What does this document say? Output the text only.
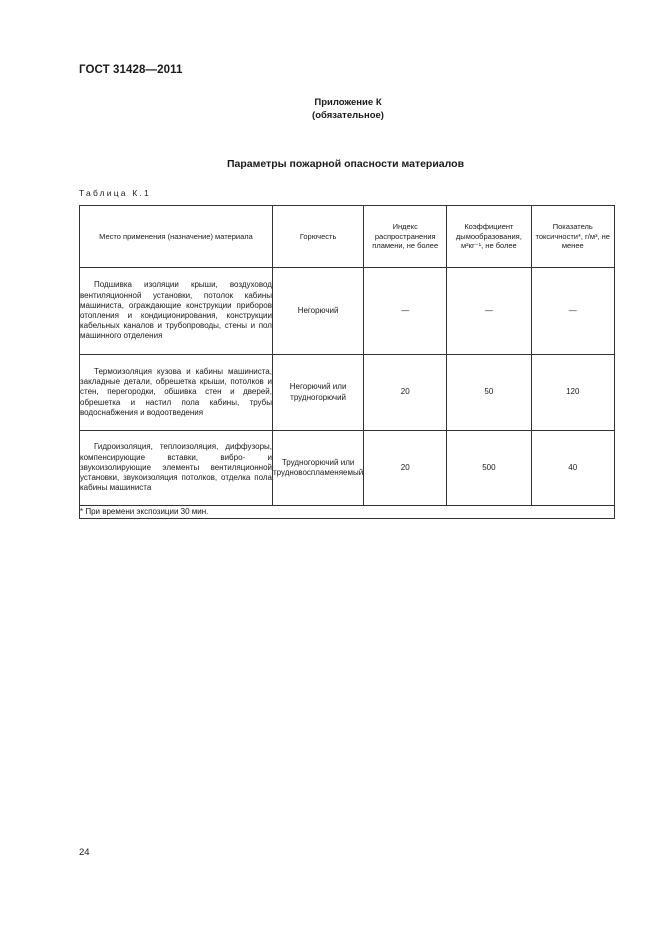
ГОСТ 31428—2011
Приложение К
(обязательное)
Параметры пожарной опасности материалов
Таблица К.1
Место применения (назначение) материала	Горючесть	Индекс распространения пламени, не более	Коэффициент дымообразования, м²кг⁻¹, не более	Показатель токсичности*, г/м³, не менее
Подшивка изоляции крыши, воздуховод вентиляционной установки, потолок кабины машиниста, ограждающие конструкции приборов отопления и кондиционирования, конструкции кабельных каналов и трубопроводы, стены и пол машинного отделения	Негорючий	—	—	—
Термоизоляция кузова и кабины машиниста, закладные детали, обрешетка крыши, потолков и стен, перегородки, обшивка стен и дверей, обрешетка и настил пола кабины, трубы водоснабжения и водоотведения	Негорючий или трудногорючий	20	50	120
Гидроизоляция, теплоизоляция, диффузоры, компенсирующие вставки, вибро- и звукоизолирующие элементы вентиляционной установки, звукоизоляция потолков, отделка пола кабины машиниста	Трудногорючий или трудновоспламеняемый	20	500	40
* При времени экспозиции 30 мин.				
24
